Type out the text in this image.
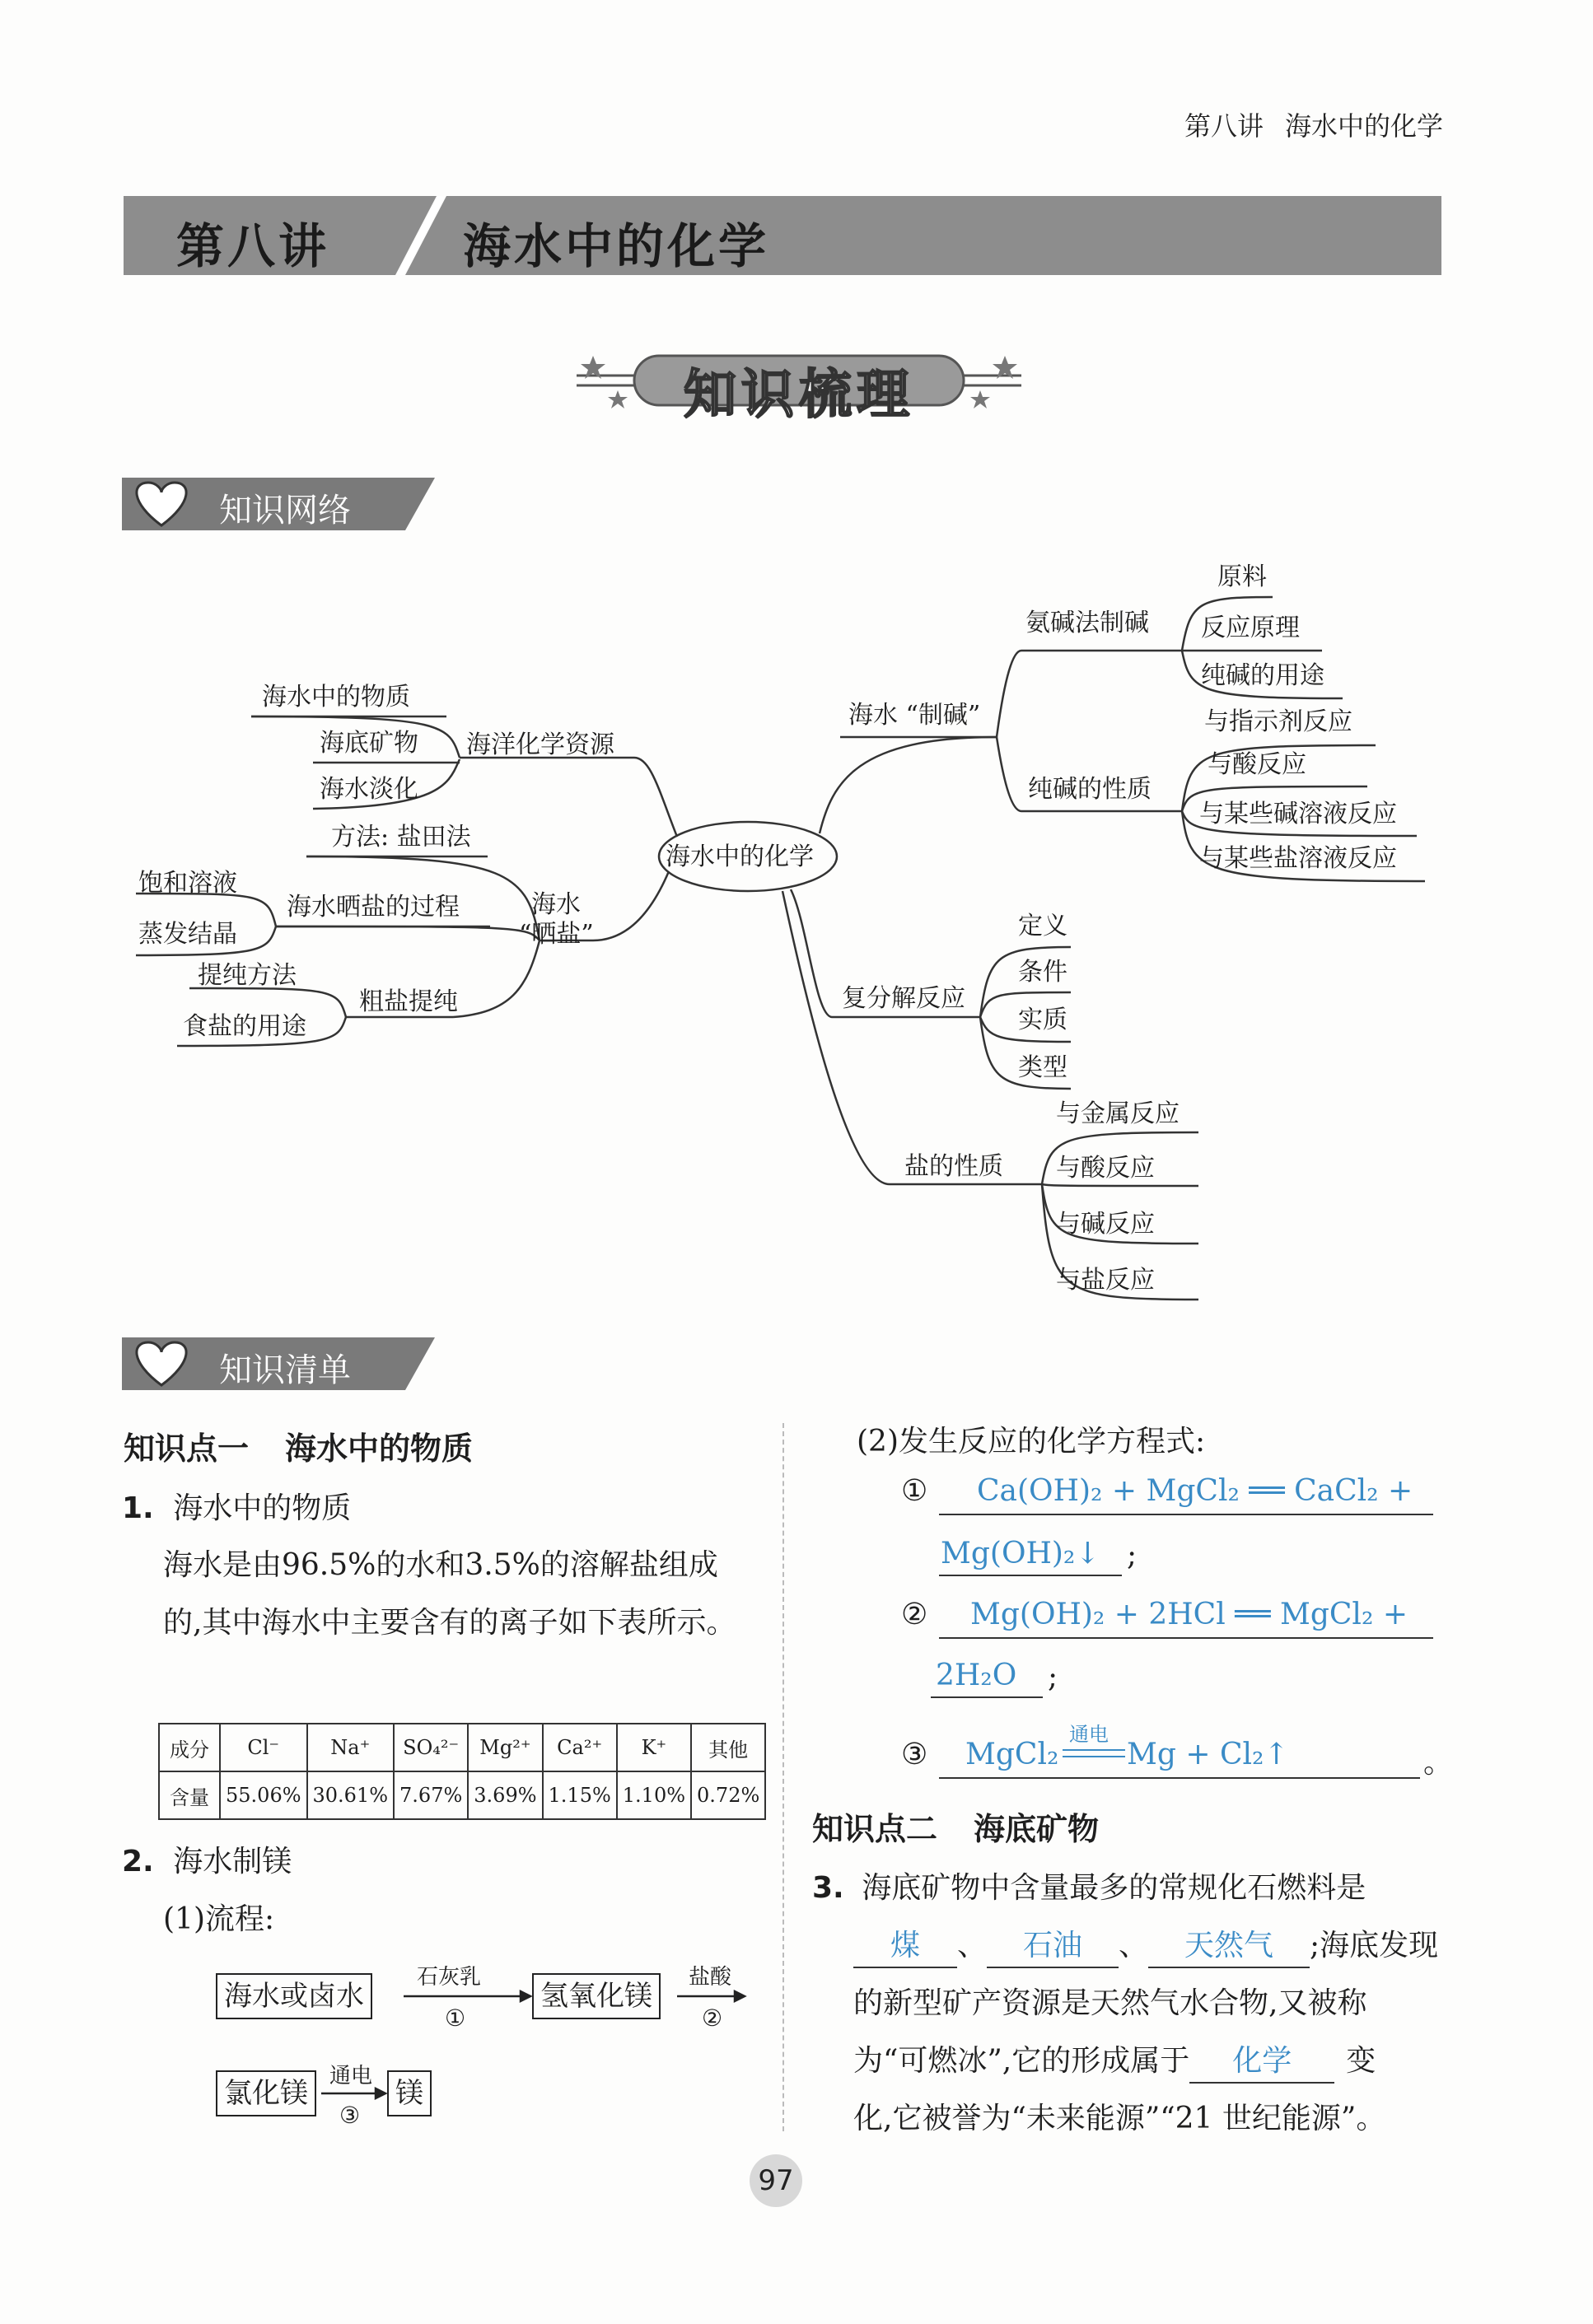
第八讲 海水中的化学
第八讲	海水中的化学
知识梳理
知识网络
海水中的化学
海水中的物质
海底矿物
海水淡化
海洋化学资源
方法: 盐田法
海水
“晒盐”
海水晒盐的过程
饱和溶液
蒸发结晶
粗盐提纯
提纯方法
食盐的用途
海水 “制碱”
氨碱法制碱
原料
反应原理
纯碱的用途
纯碱的性质
与指示剂反应
与酸反应
与某些碱溶液反应
与某些盐溶液反应
复分解反应
定义
条件
实质
类型
盐的性质
与金属反应
与酸反应
与碱反应
与盐反应
知识清单
知识点一 海水中的物质
1. 海水中的物质
海水是由96.5%的水和3.5%的溶解盐组成的,其中海水中主要含有的离子如下表所示。
成分	Cl⁻	Na⁺	SO₄²⁻	Mg²⁺	Ca²⁺	K⁺	其他
含量	55.06%	30.61%	7.67%	3.69%	1.15%	1.10%	0.72%
2. 海水制镁
(1)流程:
海水或卤水
石灰乳
①
氢氧化镁
盐酸
②
氯化镁
通电
③
镁
(2)发生反应的化学方程式:
① Ca(OH)₂ + MgCl₂ ══ CaCl₂ +
Mg(OH)₂↓ ;
② Mg(OH)₂ + 2HCl ══ MgCl₂ +
2H₂O ;
③ MgCl₂
通电
Mg + Cl₂↑	。
知识点二 海底矿物
3. 海底矿物中含量最多的常规化石燃料是
煤 、 石油 、 天然气 ;海底发现
的新型矿产资源是天然气水合物,又被称
为“可燃冰”,它的形成属于 化学 变
化,它被誉为“未来能源”“21 世纪能源”。
97
